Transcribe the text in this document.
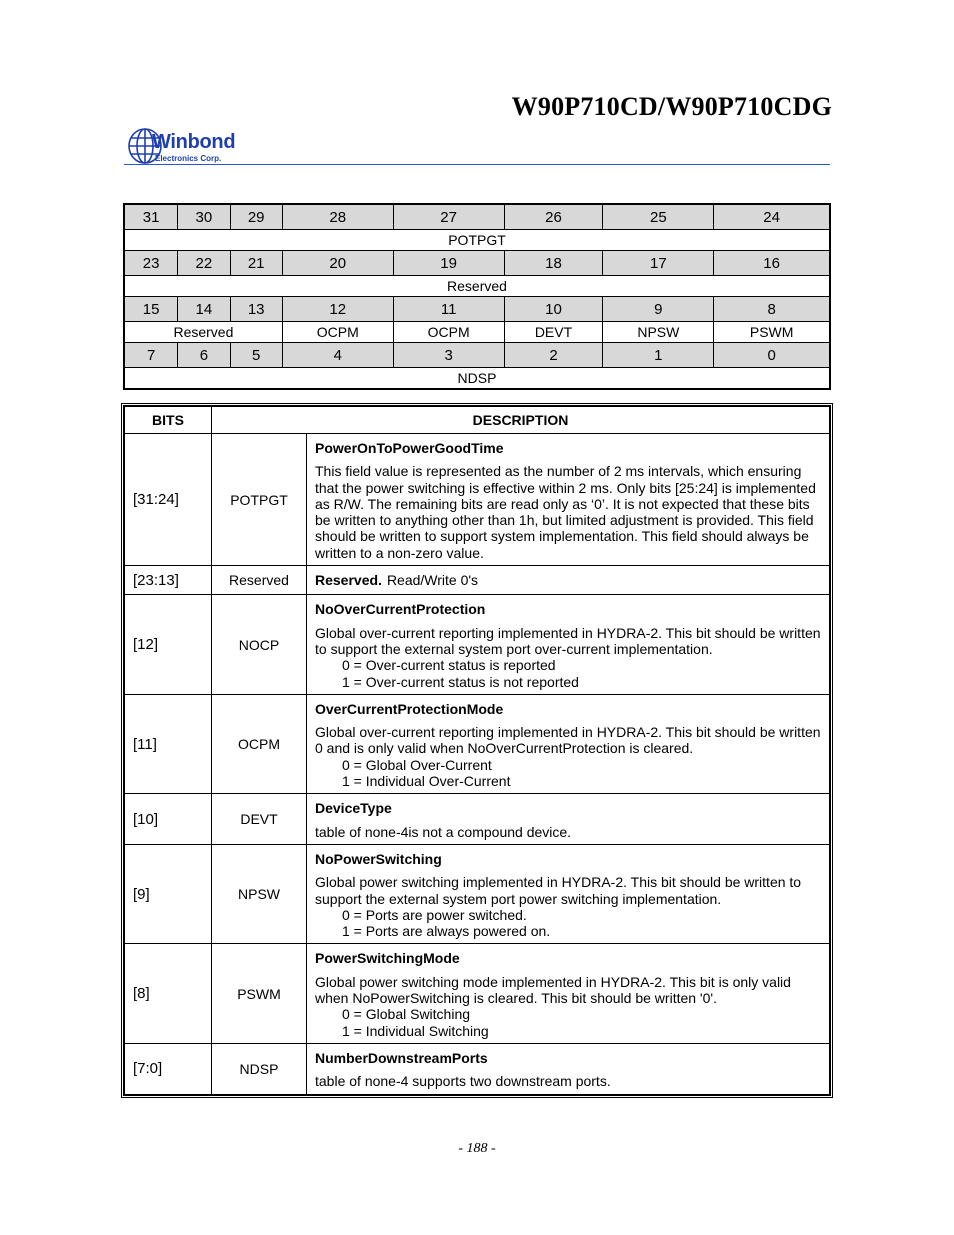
W90P710CD/W90P710CDG
Winbond
Electronics Corp.
31	30	29	28	27	26	25	24
POTPGT							
23	22	21	20	19	18	17	16
Reserved							
15	14	13	12	11	10	9	8
Reserved			OCPM	OCPM	DEVT	NPSW	PSWM
7	6	5	4	3	2	1	0
NDSP							
BITS	DESCRIPTION	
[31:24]	POTPGT	PowerOnToPowerGoodTime
This field value is represented as the number of 2 ms intervals, which ensuring that the power switching is effective within 2 ms. Only bits [25:24] is implemented as R/W. The remaining bits are read only as ‘0’. It is not expected that these bits be written to anything other than 1h, but limited adjustment is provided. This field should be written to support system implementation. This field should always be written to a non-zero value.

[23:13]	Reserved	Reserved. Read/Write 0's

[12]	NOCP	NoOverCurrentProtection
Global over-current reporting implemented in HYDRA-2. This bit should be written to support the external system port over-current implementation.
0 = Over-current status is reported
1 = Over-current status is not reported

[11]	OCPM	OverCurrentProtectionMode
Global over-current reporting implemented in HYDRA-2. This bit should be written 0 and is only valid when NoOverCurrentProtection is cleared.
0 = Global Over-Current
1 = Individual Over-Current

[10]	DEVT	DeviceType
table of none-4is not a compound device.

[9]	NPSW	NoPowerSwitching
Global power switching implemented in HYDRA-2. This bit should be written to support the external system port power switching implementation.
0 = Ports are power switched.
1 = Ports are always powered on.

[8]	PSWM	PowerSwitchingMode
Global power switching mode implemented in HYDRA-2. This bit is only valid when NoPowerSwitching is cleared. This bit should be written '0'.
0 = Global Switching
1 = Individual Switching

[7:0]	NDSP	NumberDownstreamPorts
table of none-4 supports two downstream ports.
- 188 -
